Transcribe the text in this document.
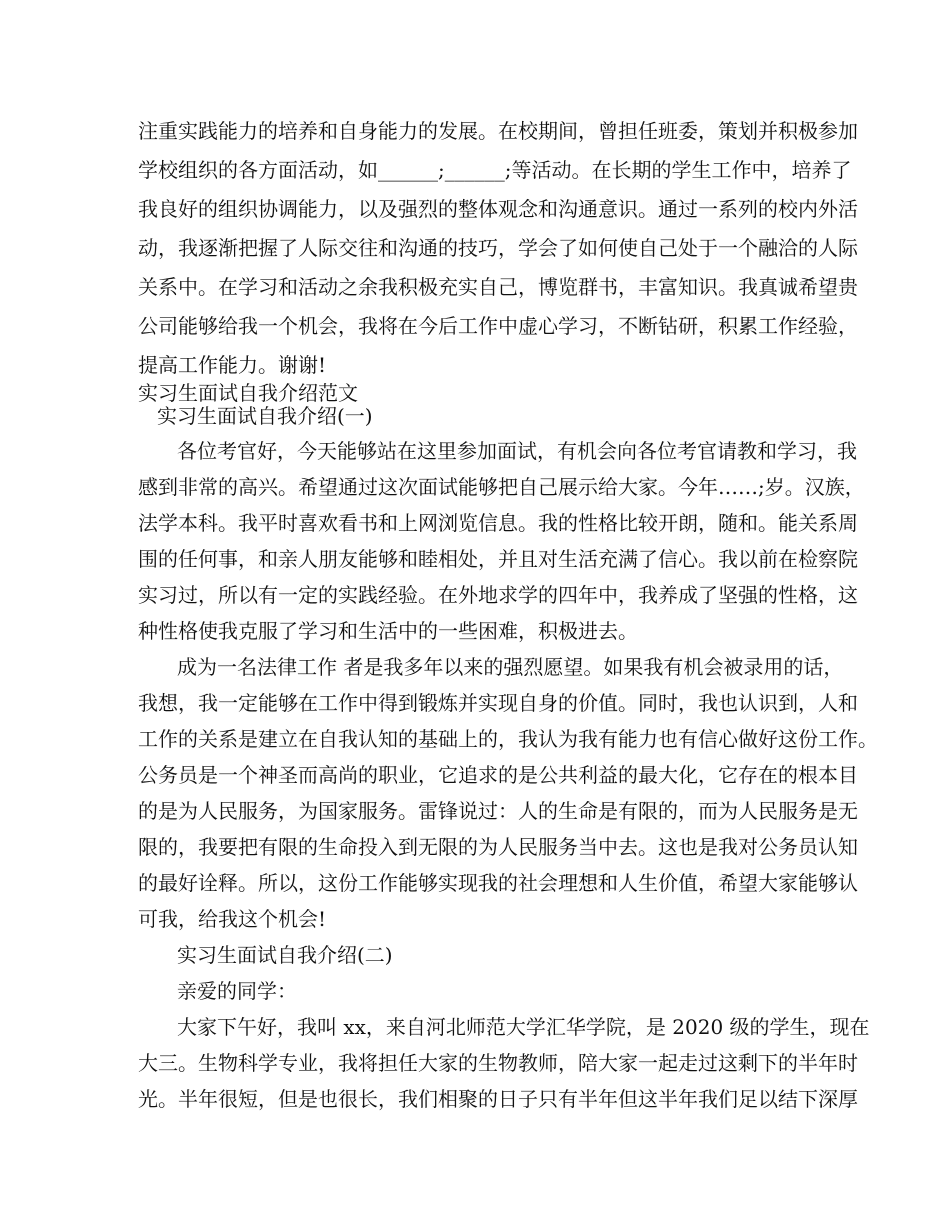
注重实践能力的培养和自身能力的发展。在校期间，曾担任班委，策划并积极参加
学校组织的各方面活动，如______;______;等活动。在长期的学生工作中，培养了
我良好的组织协调能力，以及强烈的整体观念和沟通意识。通过一系列的校内外活
动，我逐渐把握了人际交往和沟通的技巧，学会了如何使自己处于一个融洽的人际
关系中。在学习和活动之余我积极充实自己，博览群书，丰富知识。我真诚希望贵
公司能够给我一个机会，我将在今后工作中虚心学习，不断钻研，积累工作经验，
提高工作能力。谢谢!
实习生面试自我介绍范文
实习生面试自我介绍(一)
各位考官好，今天能够站在这里参加面试，有机会向各位考官请教和学习，我
感到非常的高兴。希望通过这次面试能够把自己展示给大家。今年……;岁。汉族，
法学本科。我平时喜欢看书和上网浏览信息。我的性格比较开朗，随和。能关系周
围的任何事，和亲人朋友能够和睦相处，并且对生活充满了信心。我以前在检察院
实习过，所以有一定的实践经验。在外地求学的四年中，我养成了坚强的性格，这
种性格使我克服了学习和生活中的一些困难，积极进去。
成为一名法律工作 者是我多年以来的强烈愿望。如果我有机会被录用的话，
我想，我一定能够在工作中得到锻炼并实现自身的价值。同时，我也认识到，人和
工作的关系是建立在自我认知的基础上的，我认为我有能力也有信心做好这份工作。
公务员是一个神圣而高尚的职业，它追求的是公共利益的最大化，它存在的根本目
的是为人民服务，为国家服务。雷锋说过：人的生命是有限的，而为人民服务是无
限的，我要把有限的生命投入到无限的为人民服务当中去。这也是我对公务员认知
的最好诠释。所以，这份工作能够实现我的社会理想和人生价值，希望大家能够认
可我，给我这个机会!
实习生面试自我介绍(二)
亲爱的同学：
大家下午好，我叫 xx，来自河北师范大学汇华学院，是 2020 级的学生，现在
大三。生物科学专业，我将担任大家的生物教师，陪大家一起走过这剩下的半年时
光。半年很短，但是也很长，我们相聚的日子只有半年但这半年我们足以结下深厚
